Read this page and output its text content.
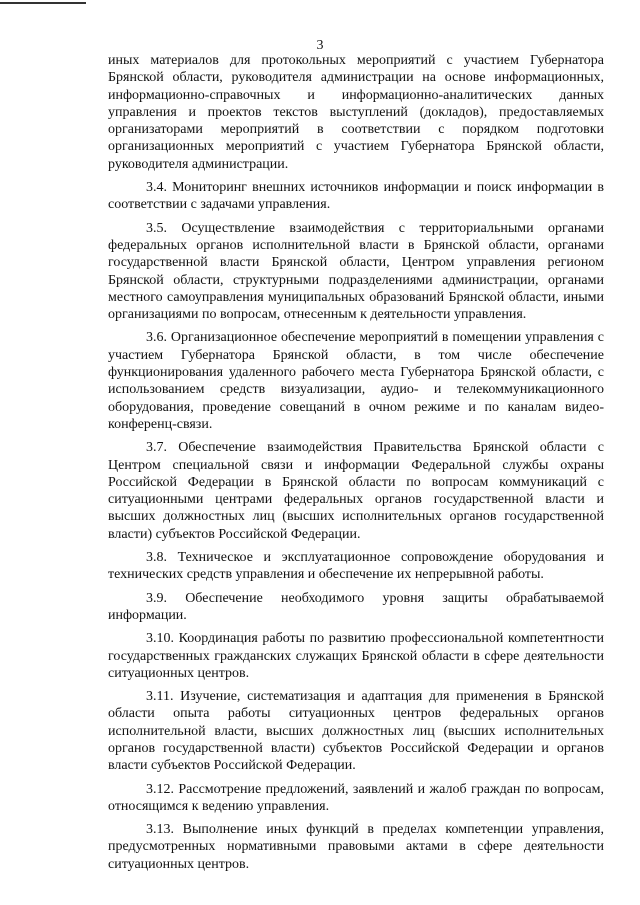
3

иных материалов для протокольных мероприятий с участием Губернатора Брянской области, руководителя администрации на основе информационных, информационно-справочных и информационно-аналитических данных управления и проектов текстов выступлений (докладов), предоставляемых организаторами мероприятий в соответствии с порядком подготовки организационных мероприятий с участием Губернатора Брянской области, руководителя администрации.

3.4. Мониторинг внешних источников информации и поиск информации в соответствии с задачами управления.

3.5. Осуществление взаимодействия с территориальными органами федеральных органов исполнительной власти в Брянской области, органами государственной власти Брянской области, Центром управления регионом Брянской области, структурными подразделениями администрации, органами местного самоуправления муниципальных образований Брянской области, иными организациями по вопросам, отнесенным к деятельности управления.

3.6. Организационное обеспечение мероприятий в помещении управления с участием Губернатора Брянской области, в том числе обеспечение функционирования удаленного рабочего места Губернатора Брянской области, с использованием средств визуализации, аудио- и телекоммуникационного оборудования, проведение совещаний в очном режиме и по каналам видео-конференц-связи.

3.7. Обеспечение взаимодействия Правительства Брянской области с Центром специальной связи и информации Федеральной службы охраны Российской Федерации в Брянской области по вопросам коммуникаций с ситуационными центрами федеральных органов государственной власти и высших должностных лиц (высших исполнительных органов государственной власти) субъектов Российской Федерации.

3.8. Техническое и эксплуатационное сопровождение оборудования и технических средств управления и обеспечение их непрерывной работы.

3.9. Обеспечение необходимого уровня защиты обрабатываемой информации.

3.10. Координация работы по развитию профессиональной компетентности государственных гражданских служащих Брянской области в сфере деятельности ситуационных центров.

3.11. Изучение, систематизация и адаптация для применения в Брянской области опыта работы ситуационных центров федеральных органов исполнительной власти, высших должностных лиц (высших исполнительных органов государственной власти) субъектов Российской Федерации и органов власти субъектов Российской Федерации.

3.12. Рассмотрение предложений, заявлений и жалоб граждан по вопросам, относящимся к ведению управления.

3.13. Выполнение иных функций в пределах компетенции управления, предусмотренных нормативными правовыми актами в сфере деятельности ситуационных центров.
